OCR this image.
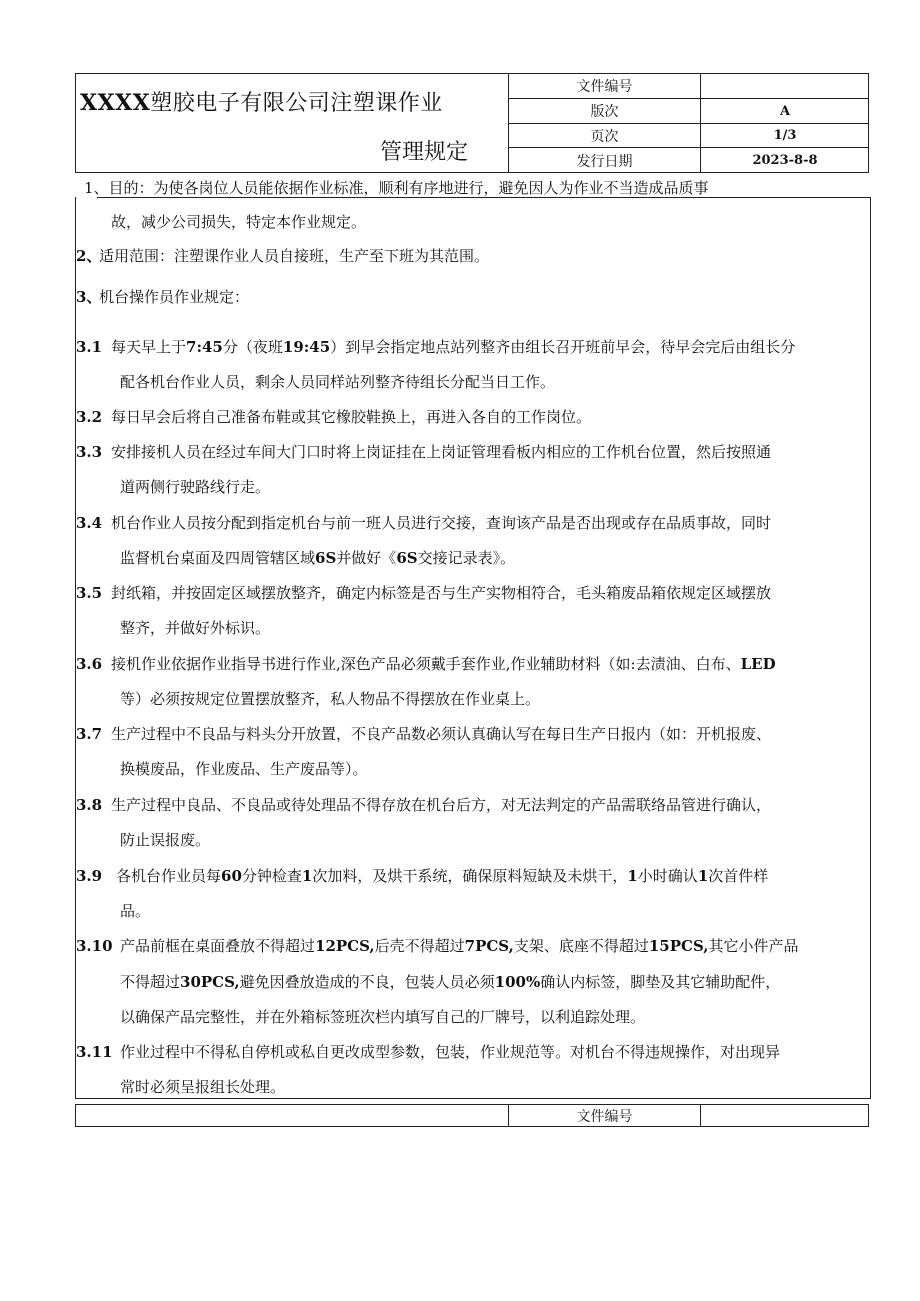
XXXX塑胶电子有限公司注塑课作业
管理规定
文件编号
版次	A
页次	1/3
发行日期	2023-8-8
1、目的：为使各岗位人员能依据作业标准，顺利有序地进行，避免因人为作业不当造成品质事
故，减少公司损失，特定本作业规定。
2、
适用范围：注塑课作业人员自接班，生产至下班为其范围。
3、
机台操作员作业规定：
3.1 每天早上于7:45分（夜班19:45）到早会指定地点站列整齐由组长召开班前早会，待早会完后由组长分
配各机台作业人员，剩余人员同样站列整齐待组长分配当日工作。
3.2 每日早会后将自己准备布鞋或其它橡胶鞋换上，再进入各自的工作岗位。
3.3 安排接机人员在经过车间大门口时将上岗证挂在上岗证管理看板内相应的工作机台位置，然后按照通
道两侧行驶路线行走。
3.4 机台作业人员按分配到指定机台与前一班人员进行交接，查询该产品是否出现或存在品质事故，同时
监督机台桌面及四周管辖区域6S并做好《6S交接记录表》。
3.5 封纸箱，并按固定区域摆放整齐，确定内标签是否与生产实物相符合，毛头箱废品箱依规定区域摆放
整齐，并做好外标识。
3.6 接机作业依据作业指导书进行作业,深色产品必须戴手套作业,作业辅助材料（如:去渍油、白布、LED
等）必须按规定位置摆放整齐，私人物品不得摆放在作业桌上。
3.7 生产过程中不良品与料头分开放置，不良产品数必须认真确认写在每日生产日报内（如：开机报废、
换模废品，作业废品、生产废品等）。
3.8 生产过程中良品、不良品或待处理品不得存放在机台后方，对无法判定的产品需联络品管进行确认，
防止误报废。
3.9 各机台作业员每60分钟检查1次加料，及烘干系统，确保原料短缺及未烘干，1小时确认1次首件样
品。
3.10 产品前框在桌面叠放不得超过12PCS,后壳不得超过7PCS,支架、底座不得超过15PCS,其它小件产品
不得超过30PCS,避免因叠放造成的不良，包装人员必须100%确认内标签，脚垫及其它辅助配件，
以确保产品完整性，并在外箱标签班次栏内填写自己的厂牌号，以利追踪处理。
3.11 作业过程中不得私自停机或私自更改成型参数，包装，作业规范等。对机台不得违规操作，对出现异
常时必须呈报组长处理。
文件编号
